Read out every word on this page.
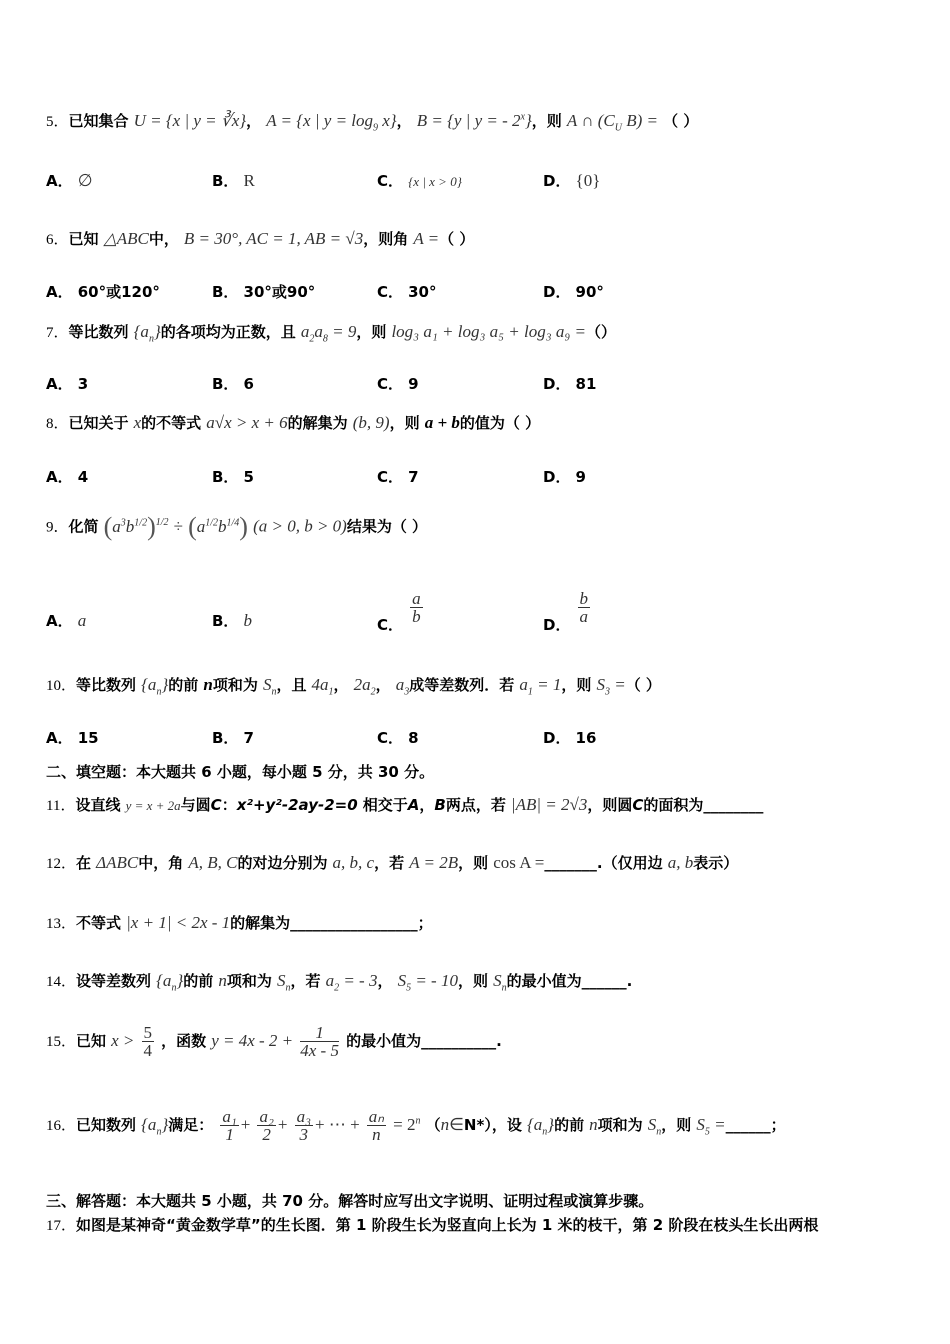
5．已知集合 U = {x | y = ∛x}， A = {x | $y = \log_9 x$}， B = {y | y = - 2$^x$}，则 A ∩ ($C_U$ B) = （ ）
A． ∅	B． R	C． {x | x > 0}	D． {0}
6．已知 △ABC中， B = 30°, AC = 1, AB = √3，则角 A =（ ）
A． 60°或120°	B． 30°或90°	C． 30°	D． 90°
7．等比数列 $\{a_n\}$的各项均为正数，且 $a_2a_8 = 9$，则 log₃ a₁ + log₃ a₅ + log₃ a₉ =（）
A． 3	B． 6	C． 9	D． 81
8．已知关于 x的不等式 a√x > x + 6的解集为 (b, 9)，则 a + b的值为（ ）
A． 4	B． 5	C． 7	D． 9
9．化简 $(a^3b^{1/2})^{1/2} \div (a^{1/2}b^{1/4}) (a > 0$, b > 0)结果为（ ）
A． a	B． b	C． $\frac{a}{b}$	D． $\frac{b}{a}$
10．等比数列 $\{a_n\}$的前 n项和为 $S_n$，且 $4a_1$， $2a_2$， $a_3$成等差数列．若 $a_1 = 1$，则 $S_3$ =（ ）
A． 15	B． 7	C． 8	D． 16
二、填空题：本大题共 6 小题，每小题 5 分，共 30 分。
11．设直线 y = x + 2a与圆C：x²+y²-2ay-2=0 相交于A，B两点，若 |AB| = 2√3，则圆C的面积为________
12．在 ΔABC中，角 A, B, C的对边分别为 a, b, c，若 A = 2B，则 cos A =_______.（仅用边 a, b表示）
13．不等式 |x + 1| < 2x - 1的解集为_________________；
14．设等差数列 $\{a_n\}$的前 n项和为 $S_n$，若 $a_2$ = - 3， $S_5$ = - 10，则 $S_n$的最小值为______.
15．已知 $x > \frac{5}{4}$ ，函数 $y = 4x - 2 + \frac{1}{4x - 5}$ 的最小值为__________.
16．已知数列 $\{a_n\}$满足： $\frac{\text{a₁}}{1} + \frac{\text{a₂}}{2} + \frac{\text{a₃}}{3}$ + ⋯ + $\frac{\text{aₙ}}{n} = 2^n$ （n∈N*），设 $\{a_n\}$的前 n项和为 $S_n$，则 $S_5$ =______；
三、解答题：本大题共 5 小题，共 70 分。解答时应写出文字说明、证明过程或演算步骤。
17．如图是某神奇“黄金数学草”的生长图．第 1 阶段生长为竖直向上长为 1 米的枝干，第 2 阶段在枝头生长出两根
